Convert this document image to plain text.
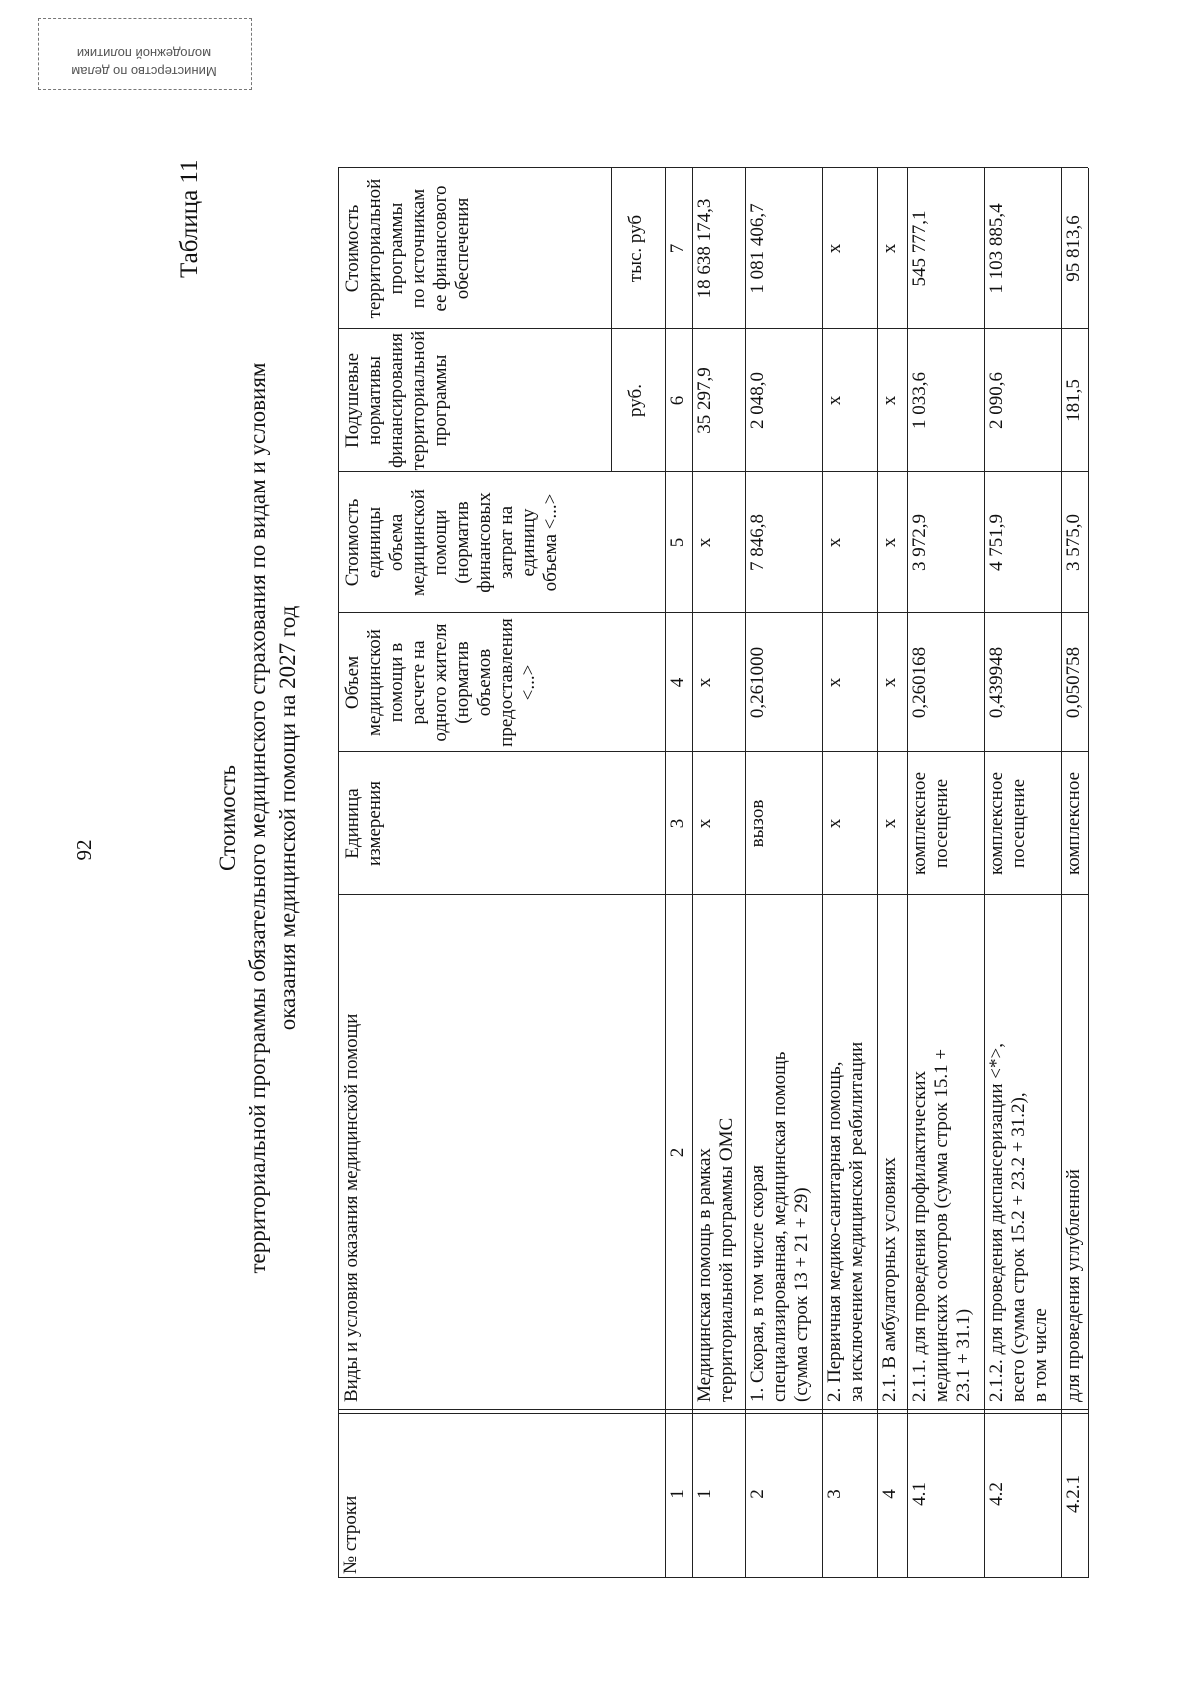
молодежной политики
Министерство по делам
92
Таблица 11
Стоимость территориальной программы обязательного медицинского страхования по видам и условиям оказания медицинской помощи на 2027 год
№ строки
Виды и условия оказания медицинской помощи
Единица измерения
Объем медицинской помощи в расчете на одного жителя (норматив объемов предоставления <...>
Стоимость единицы объема медицинской помощи (норматив финансовых затрат на единицу объема <...>
Подушевые нормативы финансирования территориальной программы
Стоимость территориальной программы по источникам ее финансового обеспечения
руб.
тыс. руб
1
2
3
4
5
6
7
1
Медицинская помощь в рамках территориальной программы ОМС
х
х
х
35 297,9
18 638 174,3
2
1. Скорая, в том числе скорая специализированная, медицинская помощь (сумма строк 13 + 21 + 29)
вызов
0,261000
7 846,8
2 048,0
1 081 406,7
3
2. Первичная медико-санитарная помощь, за исключением медицинской реабилитации
х
х
х
х
х
4
2.1. В амбулаторных условиях
х
х
х
х
х
4.1
2.1.1. для проведения профилактических медицинских осмотров (сумма строк 15.1 + 23.1 + 31.1)
комплексное посещение
0,260168
3 972,9
1 033,6
545 777,1
4.2
2.1.2. для проведения диспансеризации <*>, всего (сумма строк 15.2 + 23.2 + 31.2), в том числе
комплексное посещение
0,439948
4 751,9
2 090,6
1 103 885,4
4.2.1
для проведения углубленной
комплексное
0,050758
3 575,0
181,5
95 813,6
